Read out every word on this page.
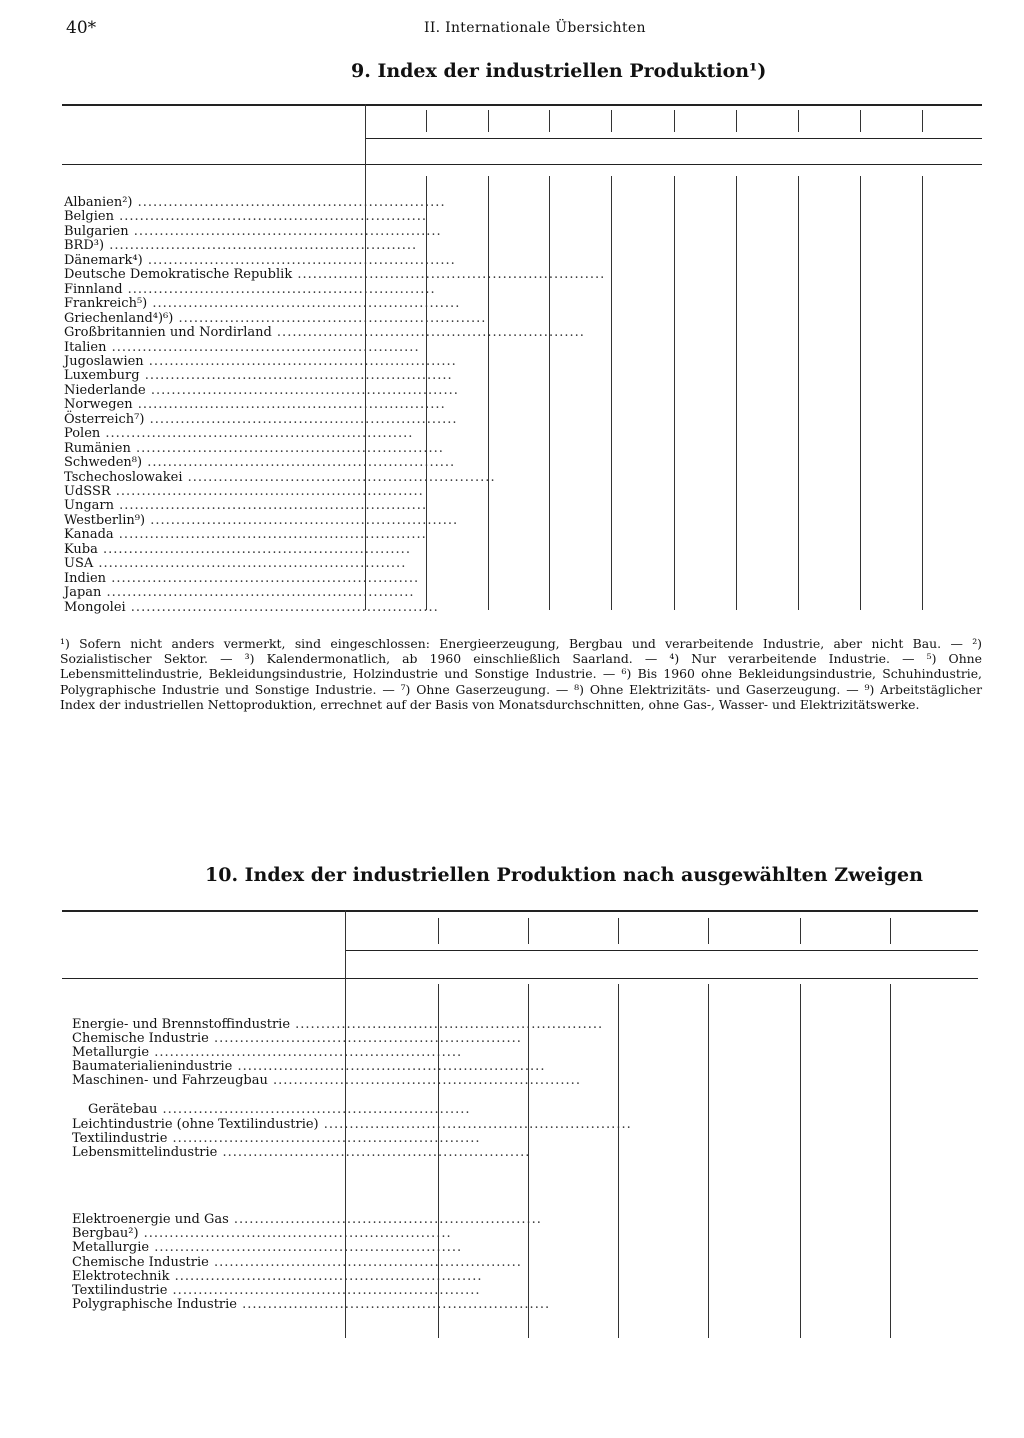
40*	II. Internationale Übersichten
9. Index der industriellen Produktion¹)
Albanien²) ............................................................
Belgien ............................................................
Bulgarien ............................................................
BRD³) ............................................................
Dänemark⁴) ............................................................
Deutsche Demokratische Republik ............................................................
Finnland ............................................................
Frankreich⁵) ............................................................
Griechenland⁴)⁶) ............................................................
Großbritannien und Nordirland ............................................................
Italien ............................................................
Jugoslawien ............................................................
Luxemburg ............................................................
Niederlande ............................................................
Norwegen ............................................................
Österreich⁷) ............................................................
Polen ............................................................
Rumänien ............................................................
Schweden⁸) ............................................................
Tschechoslowakei ............................................................
UdSSR ............................................................
Ungarn ............................................................
Westberlin⁹) ............................................................
Kanada ............................................................
Kuba ............................................................
USA ............................................................
Indien ............................................................
Japan ............................................................
Mongolei ............................................................

¹) Sofern nicht anders vermerkt, sind eingeschlossen: Energieerzeugung, Bergbau und verarbeitende Industrie, aber nicht Bau. — ²) Sozialistischer Sektor. — ³) Kalendermonatlich, ab 1960 einschließlich Saarland. — ⁴) Nur verarbeitende Industrie. — ⁵) Ohne Lebensmittelindustrie, Bekleidungsindustrie, Holzindustrie und Sonstige Industrie. — ⁶) Bis 1960 ohne Bekleidungsindustrie, Schuhindustrie, Polygraphische Industrie und Sonstige Industrie. — ⁷) Ohne Gaserzeugung. — ⁸) Ohne Elektrizitäts- und Gaserzeugung. — ⁹) Arbeitstäglicher Index der industriellen Nettoproduktion, errechnet auf der Basis von Monatsdurchschnitten, ohne Gas-, Wasser- und Elektrizitätswerke.

10. Index der industriellen Produktion nach ausgewählten Zweigen
Energie- und Brennstoffindustrie ............................................................
Chemische Industrie ............................................................
Metallurgie ............................................................
Baumaterialienindustrie ............................................................
Maschinen- und Fahrzeugbau ............................................................
Gerätebau ............................................................
Leichtindustrie (ohne Textilindustrie) ............................................................
Textilindustrie ............................................................
Lebensmittelindustrie ............................................................
Elektroenergie und Gas ............................................................
Bergbau²) ............................................................
Metallurgie ............................................................
Chemische Industrie ............................................................
Elektrotechnik ............................................................
Textilindustrie ............................................................
Polygraphische Industrie ............................................................
